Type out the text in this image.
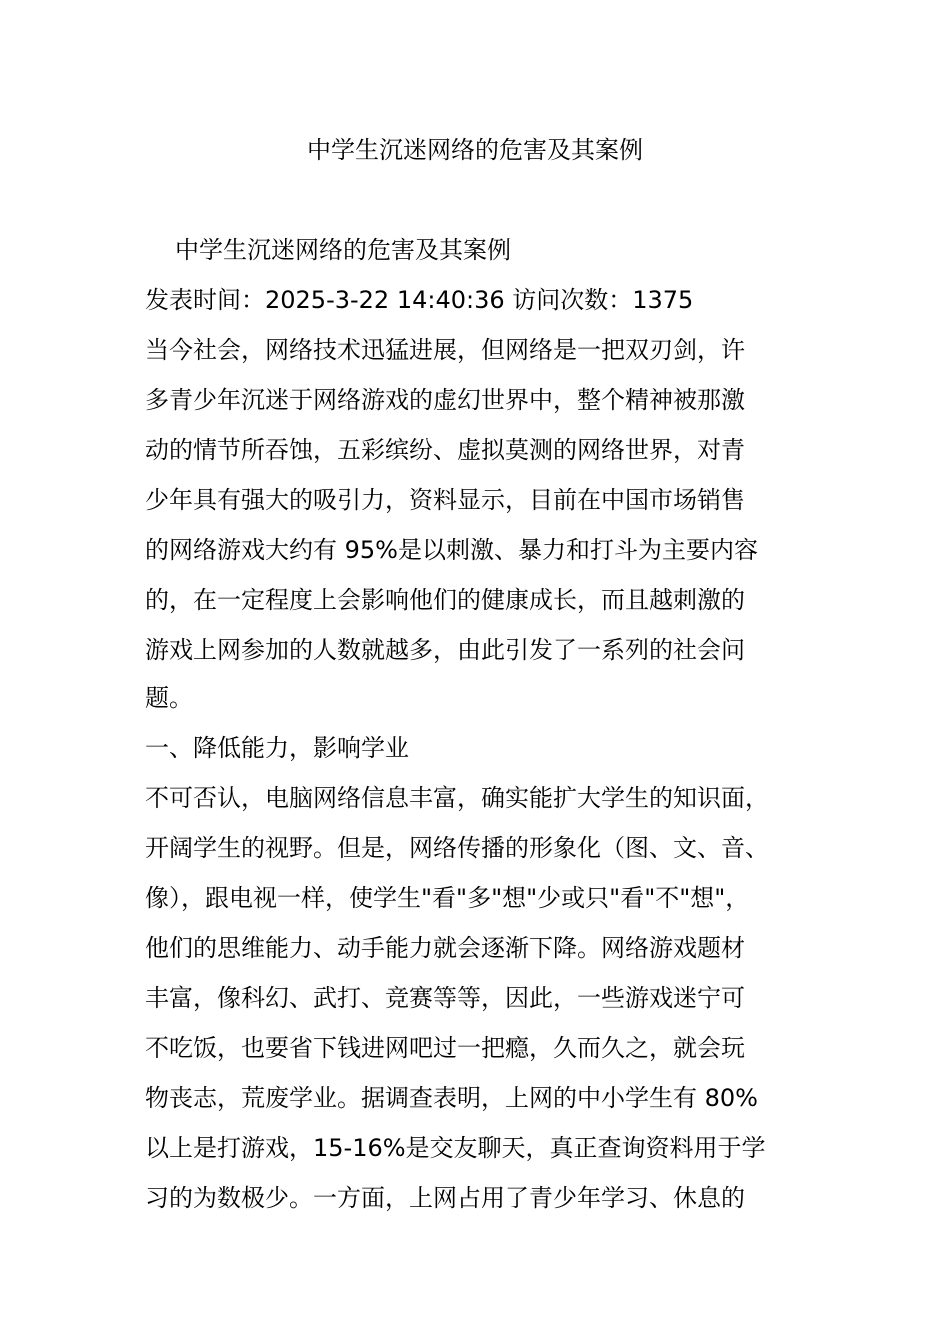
中学生沉迷网络的危害及其案例
中学生沉迷网络的危害及其案例
发表时间：2025-3-22 14:40:36 访问次数：1375
当今社会，网络技术迅猛进展，但网络是一把双刃剑，许
多青少年沉迷于网络游戏的虚幻世界中，整个精神被那激
动的情节所吞蚀，五彩缤纷、虚拟莫测的网络世界，对青
少年具有强大的吸引力，资料显示，目前在中国市场销售
的网络游戏大约有 95%是以刺激、暴力和打斗为主要内容
的，在一定程度上会影响他们的健康成长，而且越刺激的
游戏上网参加的人数就越多，由此引发了一系列的社会问
题。
一、降低能力，影响学业
不可否认，电脑网络信息丰富，确实能扩大学生的知识面，
开阔学生的视野。但是，网络传播的形象化（图、文、音、
像），跟电视一样，使学生"看"多"想"少或只"看"不"想"，
他们的思维能力、动手能力就会逐渐下降。网络游戏题材
丰富，像科幻、武打、竞赛等等，因此，一些游戏迷宁可
不吃饭，也要省下钱进网吧过一把瘾，久而久之，就会玩
物丧志，荒废学业。据调查表明，上网的中小学生有 80%
以上是打游戏，15-16%是交友聊天，真正查询资料用于学
习的为数极少。一方面，上网占用了青少年学习、休息的
